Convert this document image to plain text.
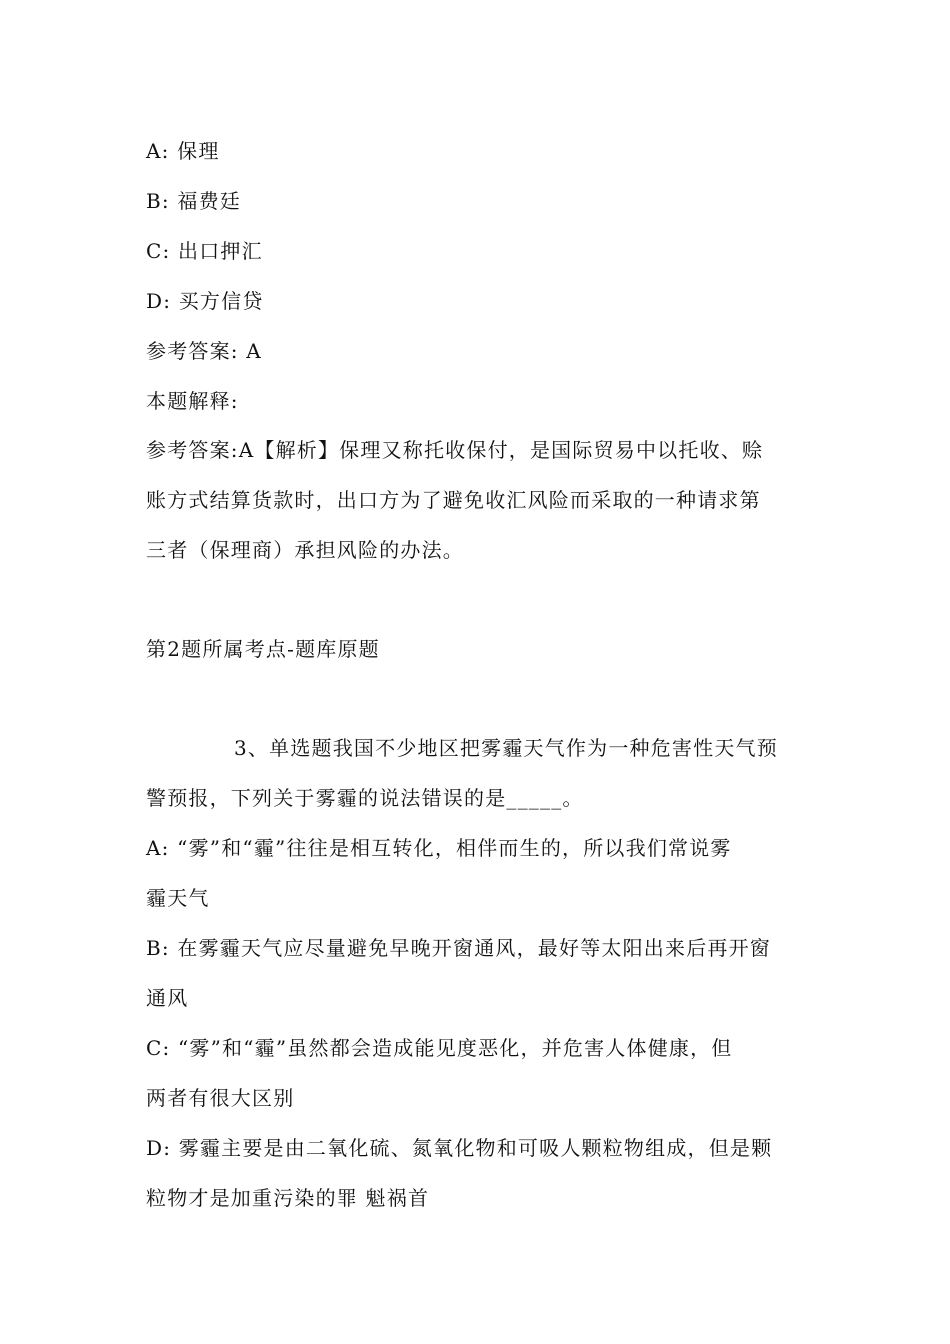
A: 保理
B: 福费廷
C: 出口押汇
D: 买方信贷
参考答案: A
本题解释:
参考答案:A【解析】保理又称托收保付，是国际贸易中以托收、赊
账方式结算货款时，出口方为了避免收汇风险而采取的一种请求第
三者（保理商）承担风险的办法。
第2题所属考点-题库原题
3、单选题我国不少地区把雾霾天气作为一种危害性天气预
警预报，下列关于雾霾的说法错误的是_____。
A: “雾”和“霾”往往是相互转化，相伴而生的，所以我们常说雾
霾天气
B: 在雾霾天气应尽量避免早晚开窗通风，最好等太阳出来后再开窗
通风
C: “雾”和“霾”虽然都会造成能见度恶化，并危害人体健康，但
两者有很大区别
D: 雾霾主要是由二氧化硫、氮氧化物和可吸人颗粒物组成，但是颗
粒物才是加重污染的罪 魁祸首
